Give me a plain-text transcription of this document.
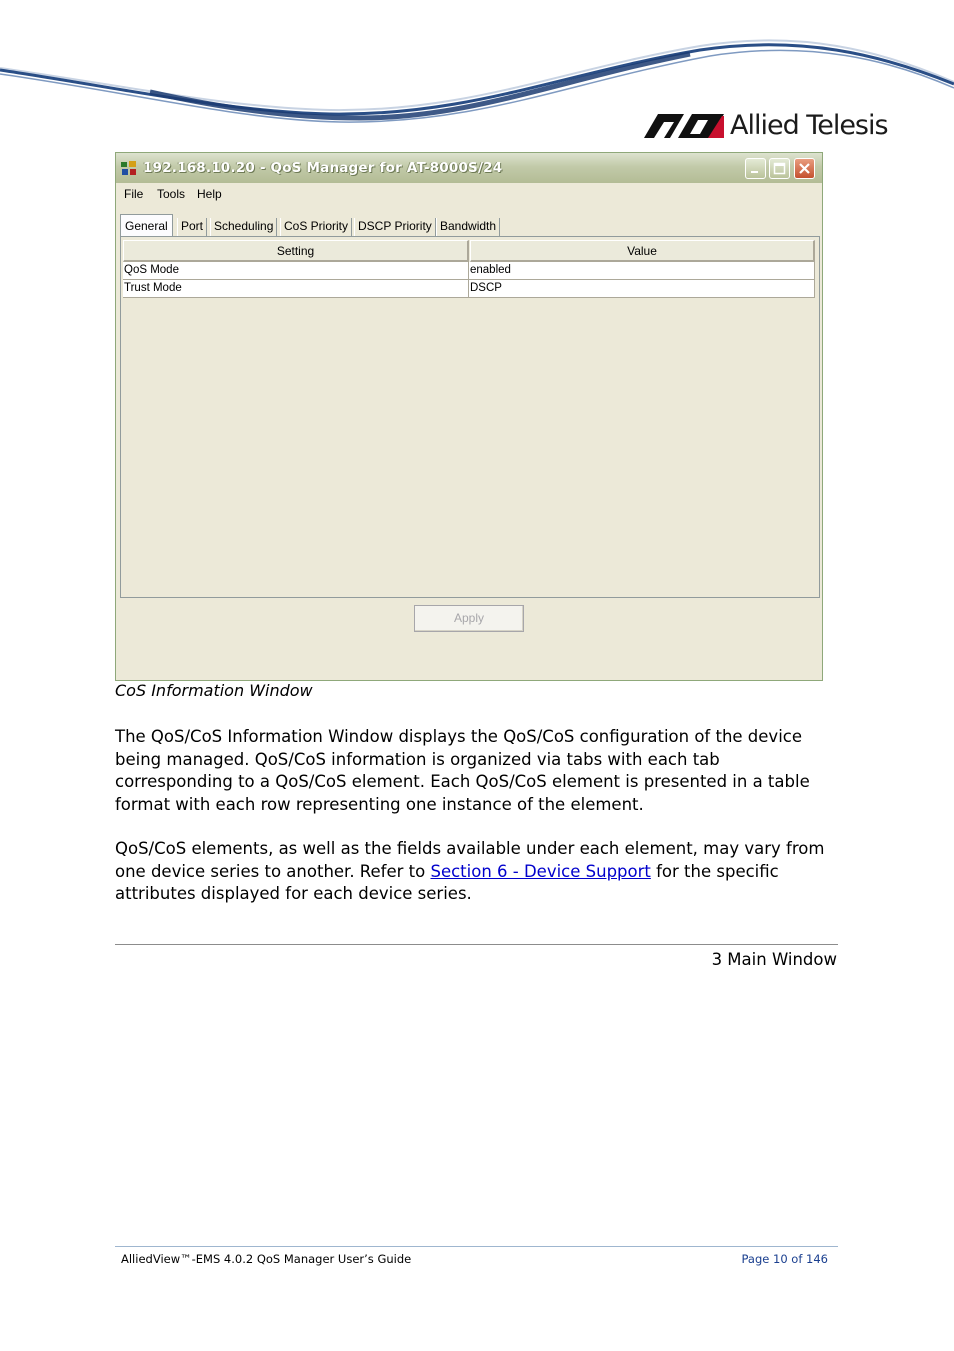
Allied Telesis
192.168.10.20 - QoS Manager for AT-8000S/24
File Tools Help
General	Port Scheduling CoS Priority DSCP Priority Bandwidth
Setting	Value
QoS Mode	enabled
Trust Mode	DSCP
Apply
CoS Information Window
The QoS/CoS Information Window displays the QoS/CoS configuration of the device being managed. QoS/CoS information is organized via tabs with each tab corresponding to a QoS/CoS element. Each QoS/CoS element is presented in a table format with each row representing one instance of the element.
QoS/CoS elements, as well as the fields available under each element, may vary from one device series to another. Refer to Section 6 - Device Support for the specific attributes displayed for each device series.
3 Main Window
AlliedView™-EMS 4.0.2 QoS Manager User’s Guide	Page 10 of 146
